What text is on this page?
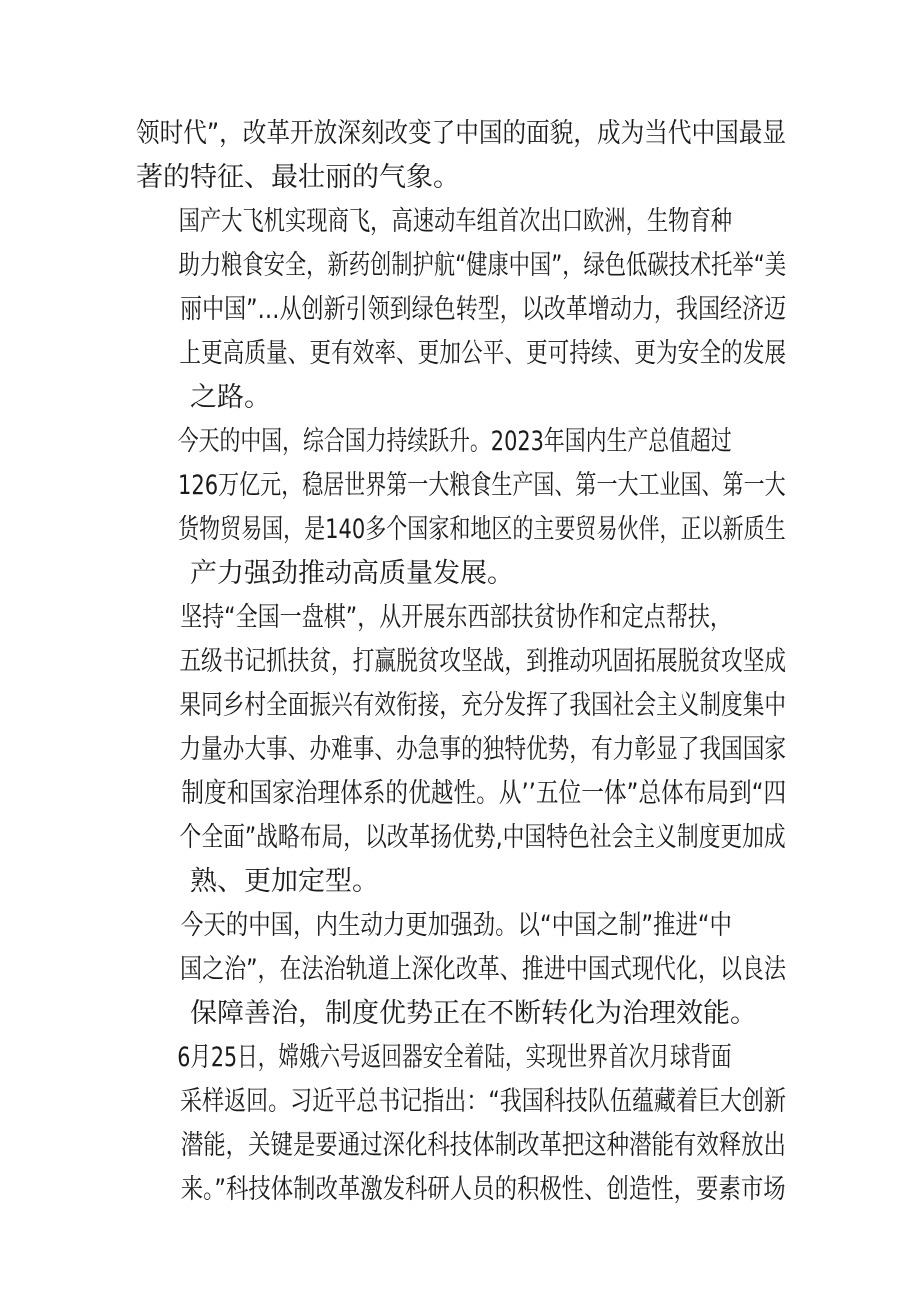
领时代”，改革开放深刻改变了中国的面貌，成为当代中国最显
著的特征、最壮丽的气象。
国产大飞机实现商飞，高速动车组首次出口欧洲，生物育种
助力粮食安全，新药创制护航“健康中国”，绿色低碳技术托举“美
丽中国”…从创新引领到绿色转型，以改革增动力，我国经济迈
上更高质量、更有效率、更加公平、更可持续、更为安全的发展
之路。
今天的中国，综合国力持续跃升。2023年国内生产总值超过
126万亿元，稳居世界第一大粮食生产国、第一大工业国、第一大
货物贸易国，是140多个国家和地区的主要贸易伙伴，正以新质生
产力强劲推动高质量发展。
坚持“全国一盘棋”，从开展东西部扶贫协作和定点帮扶，
五级书记抓扶贫，打赢脱贫攻坚战，到推动巩固拓展脱贫攻坚成
果同乡村全面振兴有效衔接，充分发挥了我国社会主义制度集中
力量办大事、办难事、办急事的独特优势，有力彰显了我国国家
制度和国家治理体系的优越性。从’’五位一体”总体布局到“四
个全面”战略布局，以改革扬优势,中国特色社会主义制度更加成
熟、更加定型。
今天的中国，内生动力更加强劲。以“中国之制”推进“中
国之治”，在法治轨道上深化改革、推进中国式现代化，以良法
保障善治，制度优势正在不断转化为治理效能。
6月25日，嫦娥六号返回器安全着陆，实现世界首次月球背面
采样返回。习近平总书记指出：“我国科技队伍蕴藏着巨大创新
潜能，关键是要通过深化科技体制改革把这种潜能有效释放出
来。”科技体制改革激发科研人员的积极性、创造性，要素市场
